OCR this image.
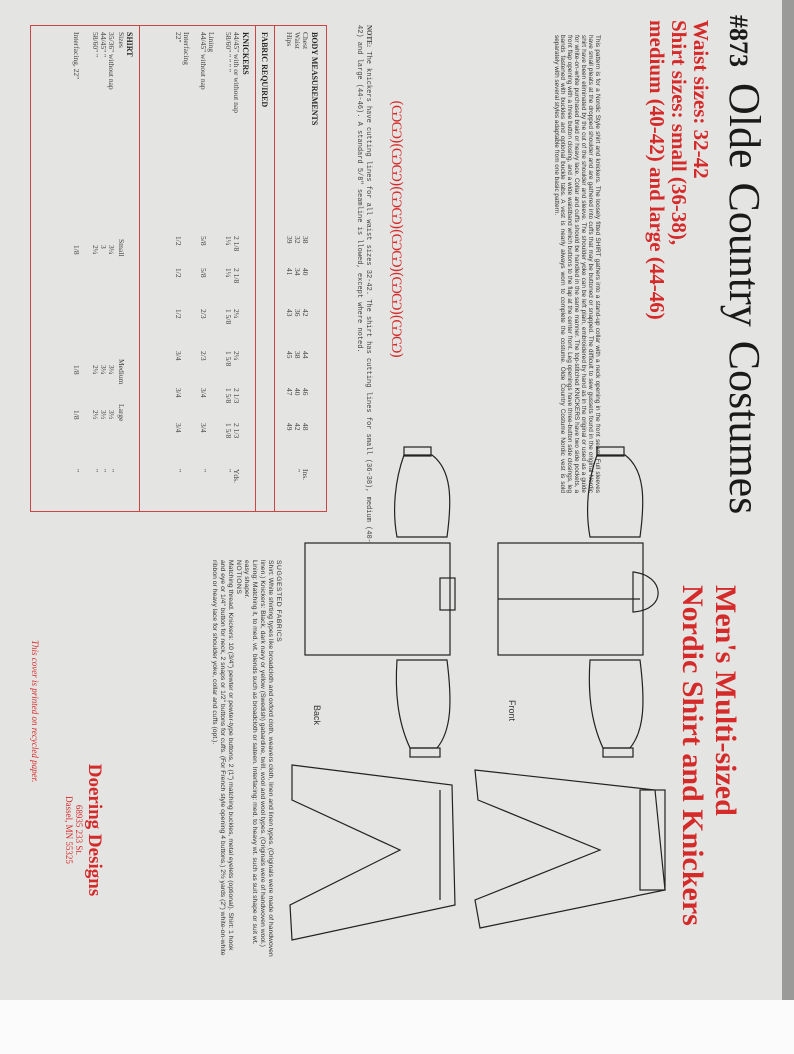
#873 Olde Country Costumes
Waist sizes: 32-42
Shirt sizes: small (36-38),
medium (40-42) and large (44-46)
Men's Multi-sized
Nordic Shirt and Knickers
This pattern is for a Nordic Style shirt and knickers. The loosely fitted SHIRT gathers into a stand-up collar with a neck opening in the front seam. Full sleeves have small pleats at the dropped shoulder and are gathered into cuffs that may be buttoned or snapped. The difficult to sew gussets found in the original Nordic shirt have been eliminated by the cut of the shoulder and sleeve. The shoulder yoke can be left plain, embroidered by hand as in the original or used as a guide for white-on-white purchased braid or heavy lace. Collar and cuffs should be handled in the same manner. The top-stitched KNICKERS have two side pockets, a front flap opening with a three button closing, and a wide waistband which buttons to the flap at the center front. Leg openings have three-button side closings, leg bands fastened with buckles and optional buckle tabs. A vest is nearly always worn to complete the costume. Olde Country Costume Nordic vest is sold separately with several styles adaptable from one basic pattern.
(ѠѠ)(ѠѠ)(ѠѠ)(ѠѠ)(ѠѠ)(ѠѠ)
NOTE: The knickers have cutting lines for all waist sizes 32-42. The shirt has cutting lines for small (36-38), medium (40-42) and large (44-46). A standard 5/8" seamline is llowed, except where noted.
BODY MEASUREMENTS
Chest
38
40
42
44
46
48
Ins.
Waist
32
34
36
38
40
42
"
Hips
39
41
43
45
47
49
FABRIC REQUIRED
KNICKERS
44/45" with or without nap
2 1/8
2 1/8
2¼
2¼
2 1/3
2 1/3
Yds.
58/60" " " " "
1¼
1¼
1 5/8
1 5/8
1 5/8
1 5/8
"
Lining
44/45" without nap
5/8
5/8
2/3
2/3
3/4
3/4
"
Interfacing
22"
1/2
1/2
1/2
3/4
3/4
3/4
"
SHIRT
Sizes
Small
Medium
Large
35/36" without nap
3¼
3¼
3½
"
44/45" "
3
3¼
3½
"
58/60" "
2¼
2¼
2½
"
Interfacing, 22"
1/8
1/8
1/8
"
SUGGESTED FABRICS
Shirt: White shirting types like broadcloth and oxford cloth, weavers cloth, linen and linen types. (Originals were made of handwoven linen.) Knickers: Black, dark navy or yellow (Swedish) gabardine, twill, wool and wool types. (Originals were of handwoven wool.) Lining: Matching it, to med. wt. blends such as broadcloth or sateen. Interfacing: med. to heavy wt. such as suit shape or suit wt. easy shaper.
NOTIONS
Matching thread. Knickers: 10 (3/4") pewter or pewter-type buttons, 2 (1") matching buckles, metal eyelets (optional). Shirt: 1 hook and eye or 1/4" button for neck, 2 snaps or 1/2" buttons for cuffs. (For French style opening 4 buttons.) 2½ yards (2") white-on-white ribbon or heavy lace for shoulder yoke, collar and cuffs (opt.).	Front
Back
Doering Designs
68935 233 St.
Dassel, MN 55325
This cover is printed on recycled paper.
